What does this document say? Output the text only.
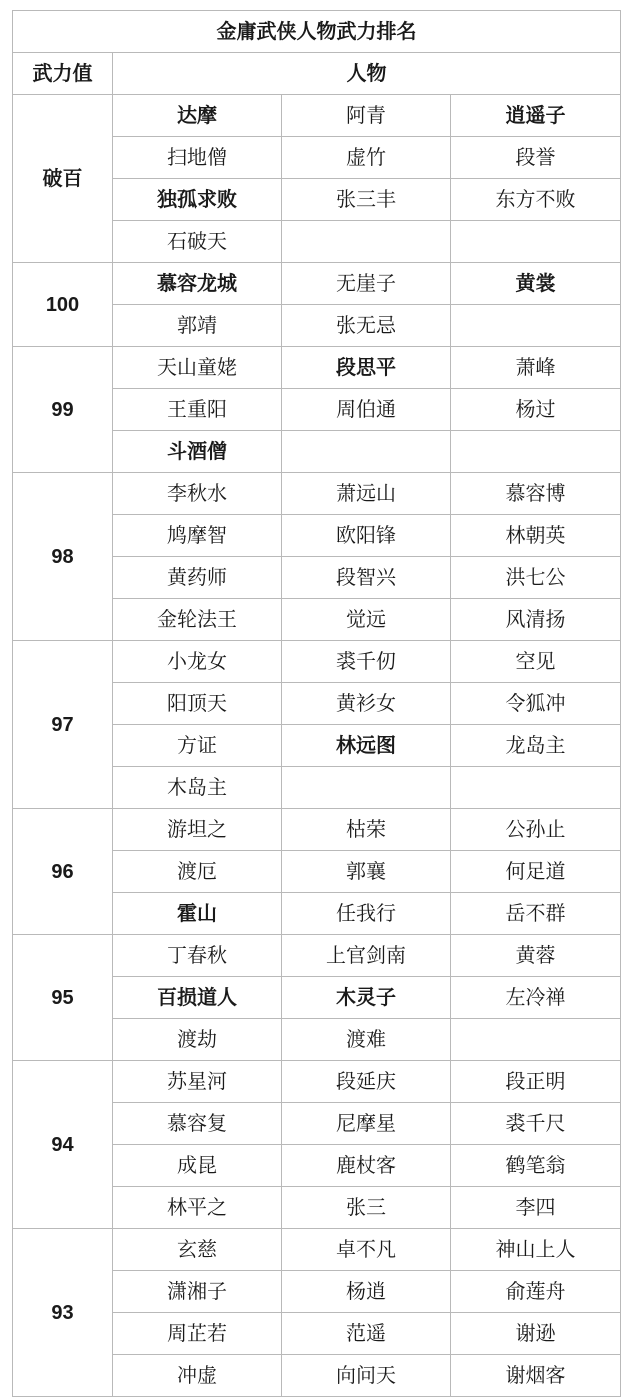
金庸武侠人物武力排名			
武力值	人物		
破百	达摩	阿青	逍遥子
	扫地僧	虚竹	段誉
	独孤求败	张三丰	东方不败
	石破天		
100	慕容龙城	无崖子	黄裳
	郭靖	张无忌	
99	天山童姥	段思平	萧峰
	王重阳	周伯通	杨过
	斗酒僧		
98	李秋水	萧远山	慕容博
	鸠摩智	欧阳锋	林朝英
	黄药师	段智兴	洪七公
	金轮法王	觉远	风清扬
97	小龙女	裘千仞	空见
	阳顶天	黄衫女	令狐冲
	方证	林远图	龙岛主
	木岛主		
96	游坦之	枯荣	公孙止
	渡厄	郭襄	何足道
	霍山	任我行	岳不群
95	丁春秋	上官剑南	黄蓉
	百损道人	木灵子	左冷禅
	渡劫	渡难	
94	苏星河	段延庆	段正明
	慕容复	尼摩星	裘千尺
	成昆	鹿杖客	鹤笔翁
	林平之	张三	李四
93	玄慈	卓不凡	神山上人
	潇湘子	杨逍	俞莲舟
	周芷若	范遥	谢逊
	冲虚	向问天	谢烟客
